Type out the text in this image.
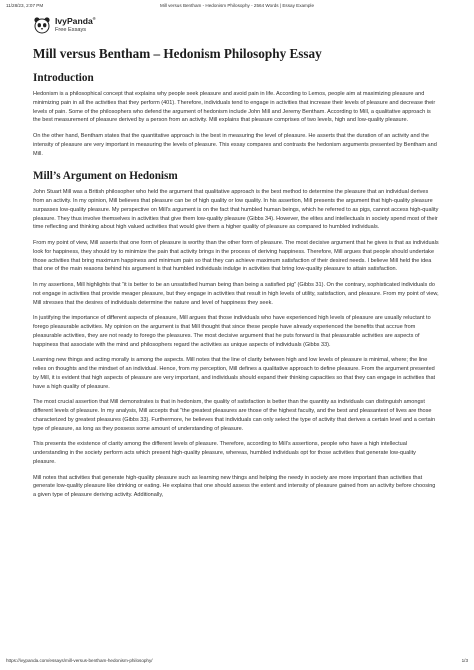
11/28/23, 2:07 PM	Mill versus Bentham - Hedonism Philosophy - 2564 Words | Essay Example
IvyPanda®
Free Essays
Mill versus Bentham – Hedonism Philosophy Essay
Introduction

Hedonism is a philosophical concept that explains why people seek pleasure and avoid pain in life. According to Lemos, people aim at maximizing pleasure and minimizing pain in all the activities that they perform (401). Therefore, individuals tend to engage in activities that increase their levels of pleasure and decrease their levels of pain. Some of the philosophers who defend the argument of hedonism include John Mill and Jeremy Bentham. According to Mill, a qualitative approach is the best measurement of pleasure derived by a person from an activity. Mill explains that pleasure comprises of two levels, high and low-quality pleasure.

On the other hand, Bentham states that the quantitative approach is the best in measuring the level of pleasure. He asserts that the duration of an activity and the intensity of pleasure are very important in measuring the levels of pleasure. This essay compares and contrasts the hedonism arguments presented by Bentham and Mill.

Mill’s Argument on Hedonism

John Stuart Mill was a British philosopher who held the argument that qualitative approach is the best method to determine the pleasure that an individual derives from an activity. In my opinion, Mill believes that pleasure can be of high quality or low quality. In his assertion, Mill presents the argument that high-quality pleasure surpasses low-quality pleasure. My perspective on Mill’s argument is on the fact that humbled human beings, which he referred to as pigs, cannot access high-quality pleasure. They thus involve themselves in activities that give them low-quality pleasure (Gibbs 34). However, the elites and intellectuals in society spend most of their time reflecting and thinking about high valued activities that would give them a higher quality of pleasure as compared to humbled individuals.

From my point of view, Mill asserts that one form of pleasure is worthy than the other form of pleasure. The most decisive argument that he gives is that as individuals look for happiness, they should try to minimize the pain that activity brings in the process of deriving happiness. Therefore, Mill argues that people should undertake those activities that bring maximum happiness and minimum pain so that they can achieve maximum satisfaction of their desired needs. I believe Mill held the idea that one of the main reasons behind his argument is that humbled individuals indulge in activities that bring low-quality pleasure to attain satisfaction.

In my assertions, Mill highlights that “it is better to be an unsatisfied human being than being a satisfied pig” (Gibbs 31). On the contrary, sophisticated individuals do not engage in activities that provide meager pleasure, but they engage in activities that result in high levels of utility, satisfaction, and pleasure. From my point of view, Mill stresses that the desires of individuals determine the nature and level of happiness they seek.

In justifying the importance of different aspects of pleasure, Mill argues that those individuals who have experienced high levels of pleasure are usually reluctant to forego pleasurable activities. My opinion on the argument is that Mill thought that since these people have already experienced the benefits that accrue from pleasurable activities, they are not ready to forego the pleasures. The most decisive argument that he puts forward is that pleasurable activities are aspects of happiness that associate with the mind and philosophers regard the activities as unique aspects of individuals (Gibbs 33).

Learning new things and acting morally is among the aspects. Mill notes that the line of clarity between high and low levels of pleasure is minimal, where; the line relies on thoughts and the mindset of an individual. Hence, from my perception, Mill defines a qualitative approach to define pleasure. From the argument presented by Mill, it is evident that high aspects of pleasure are very important, and individuals should expand their thinking capacities so that they can engage in activities that have a high quality of pleasure.

The most crucial assertion that Mill demonstrates is that in hedonism, the quality of satisfaction is better than the quantity as individuals can distinguish amongst different levels of pleasure. In my analysis, Mill accepts that “the greatest pleasures are those of the highest faculty, and the best and pleasantest of lives are those characterized by greatest pleasures (Gibbs 33). Furthermore, he believes that individuals can only select the type of activity that derives a certain level and a certain type of pleasure, as long as they possess some amount of understanding of pleasure.

This presents the existence of clarity among the different levels of pleasure. Therefore, according to Mill’s assertions, people who have a high intellectual understanding in the society perform acts which present high-quality pleasure, whereas, humbled individuals opt for those activities that generate low-quality pleasure.

Mill notes that activities that generate high-quality pleasure such as learning new things and helping the needy in society are more important than activities that generate low-quality pleasure like drinking or eating. He explains that one should assess the extent and intensity of pleasure gained from an activity before choosing a given type of pleasure deriving activity. Additionally,

https://ivypanda.com/essays/mill-versus-bentham-hedonism-philosophy/	1/3
